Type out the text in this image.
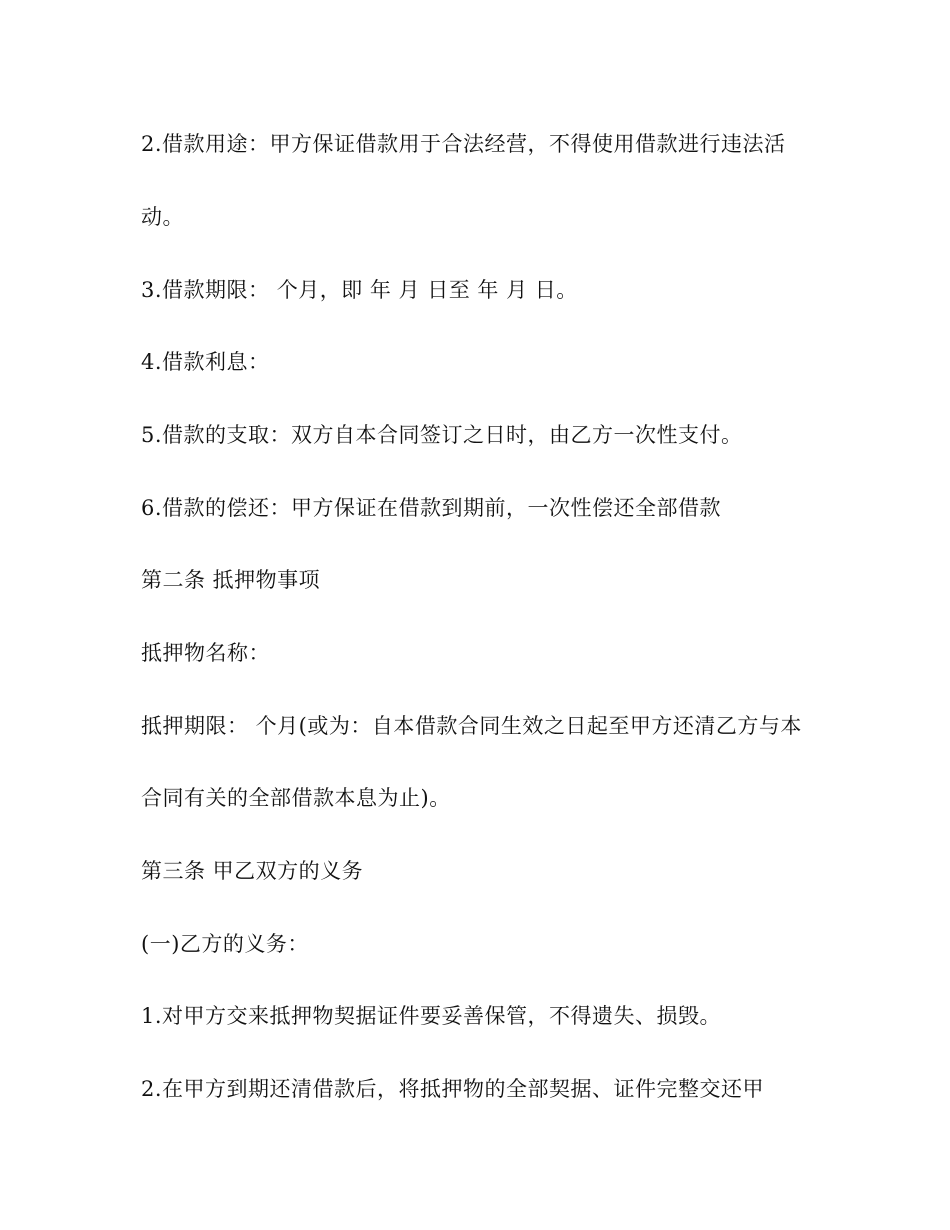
2.借款用途：甲方保证借款用于合法经营，不得使用借款进行违法活

动。

3.借款期限： 个月，即 年 月 日至 年 月 日。

4.借款利息：

5.借款的支取：双方自本合同签订之日时，由乙方一次性支付。

6.借款的偿还：甲方保证在借款到期前，一次性偿还全部借款

第二条 抵押物事项

抵押物名称：

抵押期限： 个月(或为：自本借款合同生效之日起至甲方还清乙方与本

合同有关的全部借款本息为止)。

第三条 甲乙双方的义务

(一)乙方的义务：

1.对甲方交来抵押物契据证件要妥善保管，不得遗失、损毁。

2.在甲方到期还清借款后，将抵押物的全部契据、证件完整交还甲
